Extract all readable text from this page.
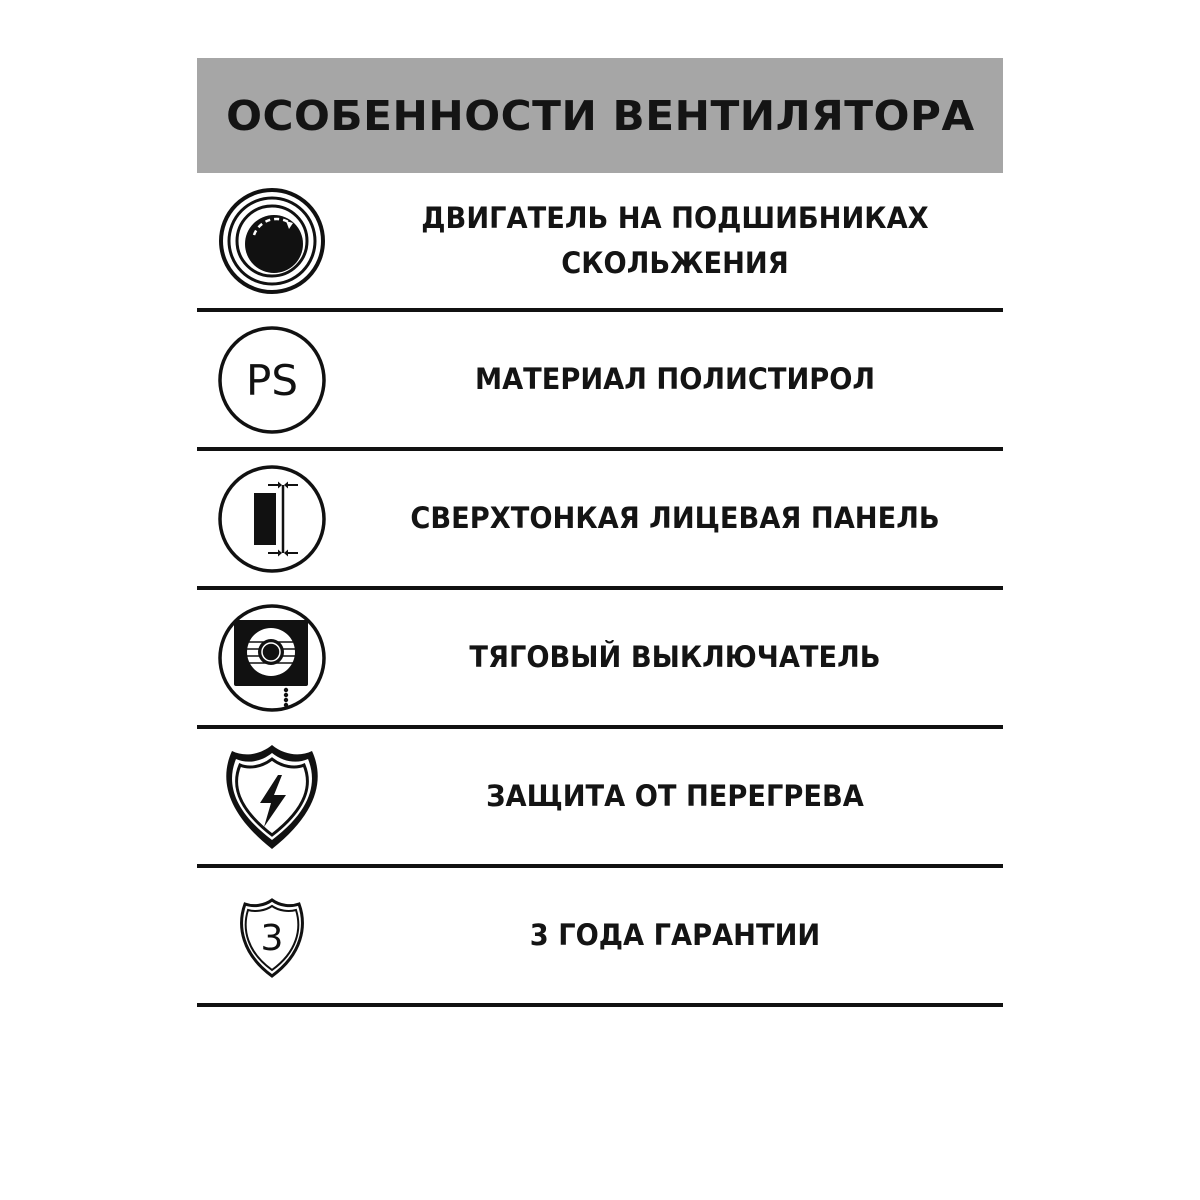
ОСОБЕННОСТИ ВЕНТИЛЯТОРА
ДВИГАТЕЛЬ НА ПОДШИБНИКАХ
СКОЛЬЖЕНИЯ
PS	МАТЕРИАЛ ПОЛИСТИРОЛ
СВЕРХТОНКАЯ ЛИЦЕВАЯ ПАНЕЛЬ
ТЯГОВЫЙ ВЫКЛЮЧАТЕЛЬ
ЗАЩИТА ОТ ПЕРЕГРЕВА
3	3 ГОДА ГАРАНТИИ
